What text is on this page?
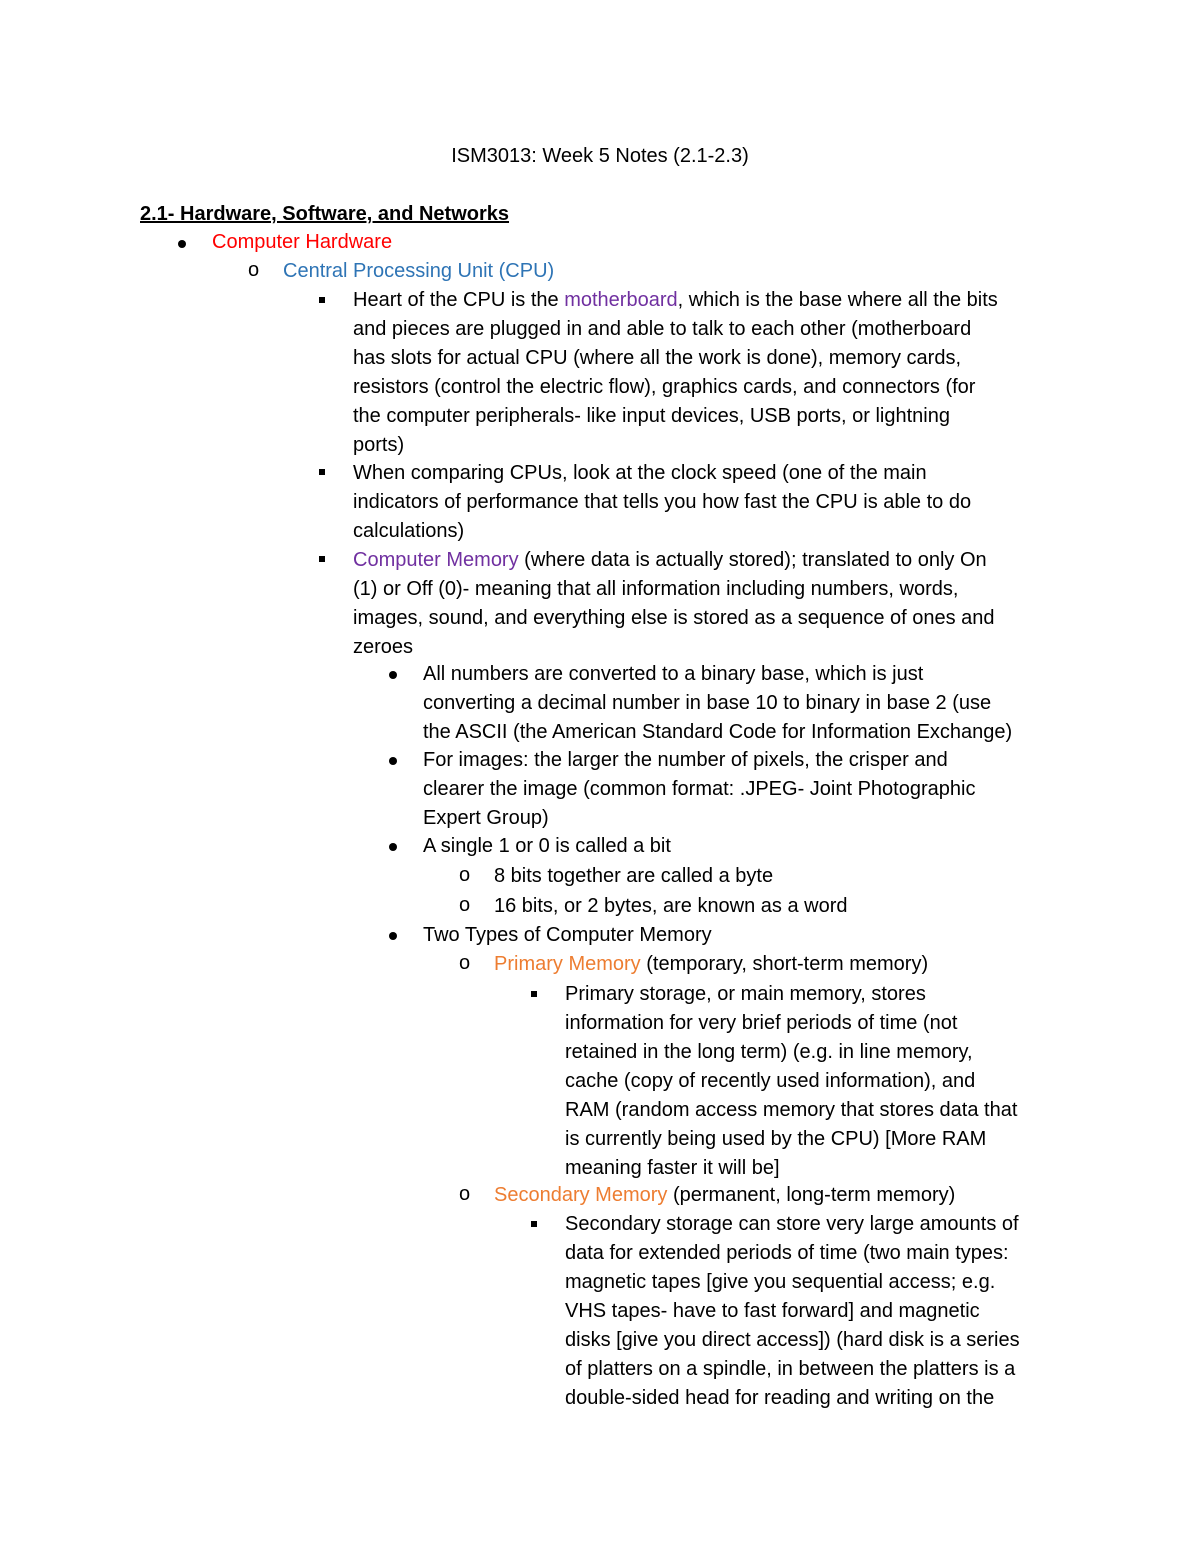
ISM3013: Week 5 Notes (2.1-2.3)
2.1- Hardware, Software, and Networks
Computer Hardware
o Central Processing Unit (CPU)
Heart of the CPU is the motherboard, which is the base where all the bits
and pieces are plugged in and able to talk to each other (motherboard
has slots for actual CPU (where all the work is done), memory cards,
resistors (control the electric flow), graphics cards, and connectors (for
the computer peripherals- like input devices, USB ports, or lightning
ports)
When comparing CPUs, look at the clock speed (one of the main
indicators of performance that tells you how fast the CPU is able to do
calculations)
Computer Memory (where data is actually stored); translated to only On
(1) or Off (0)- meaning that all information including numbers, words,
images, sound, and everything else is stored as a sequence of ones and
zeroes
All numbers are converted to a binary base, which is just
converting a decimal number in base 10 to binary in base 2 (use
the ASCII (the American Standard Code for Information Exchange)
For images: the larger the number of pixels, the crisper and
clearer the image (common format: .JPEG- Joint Photographic
Expert Group)
A single 1 or 0 is called a bit
o 8 bits together are called a byte
o 16 bits, or 2 bytes, are known as a word
Two Types of Computer Memory
o Primary Memory (temporary, short-term memory)
Primary storage, or main memory, stores
information for very brief periods of time (not
retained in the long term) (e.g. in line memory,
cache (copy of recently used information), and
RAM (random access memory that stores data that
is currently being used by the CPU) [More RAM
meaning faster it will be]
o Secondary Memory (permanent, long-term memory)
Secondary storage can store very large amounts of
data for extended periods of time (two main types:
magnetic tapes [give you sequential access; e.g.
VHS tapes- have to fast forward] and magnetic
disks [give you direct access]) (hard disk is a series
of platters on a spindle, in between the platters is a
double-sided head for reading and writing on the
